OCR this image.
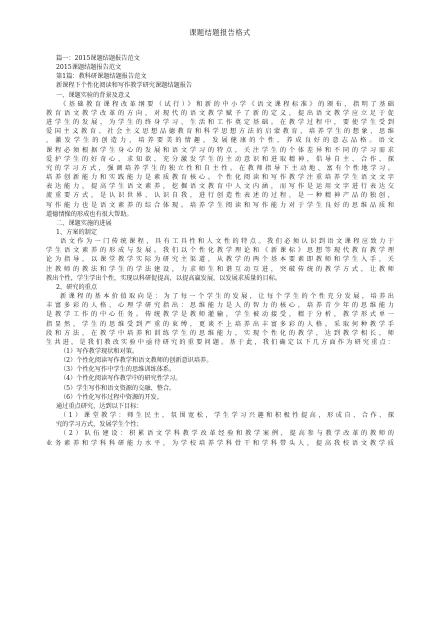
课题结题报告格式
篇一：2015课题结题报告范文
2015课题结题报告范文
第1篇：教科研课题结题报告范文
新课程下个性化阅读和写作教学研究课题结题报告
一、课题实验的背景及意义
《基础教育课程改革纲要（试行）》和新的中小学《语文课程标准》的颁布，指明了基础
教育语文教学改革的方向，对现代的语文教学赋予了新的定义，提出语文教学应立足于促
进学生的发展，为学生的终身学习、生活和工作奠定基础。在教学过程中，要使学生受到
爱国主义教育、社会主义思想品德教育和科学思想方法的启蒙教育，培养学生的想象、思维
，激发学生的创造力，培养要美的情趣，发展健康的个性，养成良好的意志品格。语文
课程必须根据学生身心的发展和语文学习的特点，关注学生的个体差异和不同的学习需求
爱护学生的好奇心、求知欲，充分激发学生的主动意识和进取精神，倡导自主、合作、探
究的学习方式，强调培养学生的独立性和自主性。在教师指导下主动地、富有个性地学习。
培养创新能力和实践能力是素质教育核心。个性化阅读和写作教学注重培养学生语文文字
表达能力，提高学生语文素养，挖掘语文教育中人文内涵，而写作是运用文字进行表达交
流重要方式，是认识世界、认识自我，进行创造性表述的过程，是一种精神产品的独创，
写作能力也是语文素养的综合体现。培养学生阅读和写作能力对于学生良好的思维品质和
道德情操的形成也有很大帮助。
二、课题实施的进展
1、方案的制定
语文作为一门传统课程，具有工具性和人文性的特点。我们必须认识到语文课程应致力于
学生语文素养的形成与发展。我们以个性化教学理论和《新课标》思想等现代教育教学理
论为指导，以课堂教学实际为研究主渠道，从教学的两个基本要素即教师和学生入手，关
注教师的教法和学生的学法建设，力求师生和谐互动互进，突破传统的教学方式，让教师
教出个性，学生学出个性，实现以科研促提高，以提高赢发展，以发展求质量的目标。
2、研究的重点
新课程的基本价值取向是：为了每一个学生的发展，让每个学生的个性充分发展，培养出
丰富多彩的人格、心理学研究指出：思维能力是人的智力的核心，培养青少年的思维能力
是教学工作的中心任务。传统教学是教师灌输，学生被动接受，精于分析，教学形式单一
指显然，学生的思维受到严重的束缚，更谈不上培养出丰富多彩的人格。采取何种教学手
段和方法，在教学中培养和训练学生的思维能力，实现个性化的教学，达到教学相长，师
生共进，是我们教改实验中亟待研究的重要问题。基于此，我们确定以下几方面作为研究重点：
（1）写作教学现状和对策。
（2）个性化阅读写作教学和语文教师的创新意识培养。
（3）个性化写作中学生的思维训练体系。
（4）个性化阅读写作教学中的研究性学习。
（5）学生写作和语文资源的交融、整合。
（6）个性化写作过程中资源的开发。
通过重点研究，达到以下目标：
（1）课堂教学：师生民主，氛围宽松，学生学习兴趣和积极性提高，形成自、合作、探
究的学习方式，发展学生个性；
（2）队伍建设：积累语文学科教学改革经验和教学案例，提高参与教学改革的教师的
业务素养和学科科研能力水平，为学校培养学科骨干和学科带头人，提高我校语文教学质
